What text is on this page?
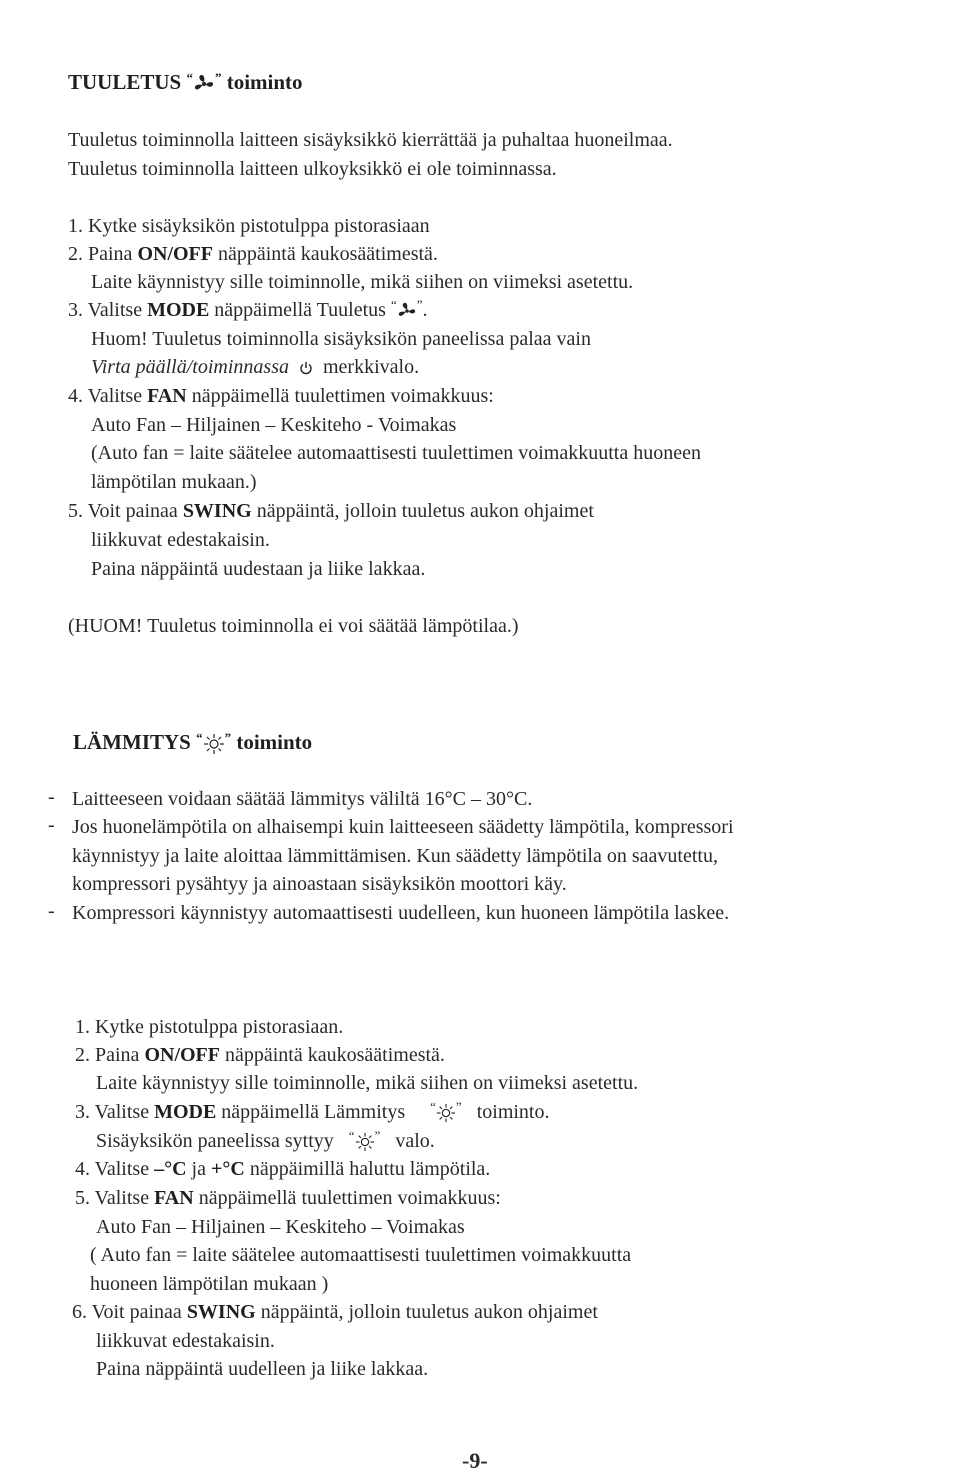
TUULETUS “ ” toiminto
Tuuletus toiminnolla laitteen sisäyksikkö kierrättää ja puhaltaa huoneilmaa.
Tuuletus toiminnolla laitteen ulkoyksikkö ei ole toiminnassa.
1. Kytke sisäyksikön pistotulppa pistorasiaan
2. Paina ON/OFF näppäintä kaukosäätimestä.
Laite käynnistyy sille toiminnolle, mikä siihen on viimeksi asetettu.
3. Valitse MODE näppäimellä Tuuletus “ ”.
Huom! Tuuletus toiminnolla sisäyksikön paneelissa palaa vain
Virta päällä/toiminnassa merkkivalo.
4. Valitse FAN näppäimellä tuulettimen voimakkuus:
Auto Fan – Hiljainen – Keskiteho - Voimakas
(Auto fan = laite säätelee automaattisesti tuulettimen voimakkuutta huoneen
lämpötilan mukaan.)
5. Voit painaa SWING näppäintä, jolloin tuuletus aukon ohjaimet
liikkuvat edestakaisin.
Paina näppäintä uudestaan ja liike lakkaa.
(HUOM! Tuuletus toiminnolla ei voi säätää lämpötilaa.)
LÄMMITYS “ ” toiminto
- Laitteeseen voidaan säätää lämmitys väliltä 16°C – 30°C.
- Jos huonelämpötila on alhaisempi kuin laitteeseen säädetty lämpötila, kompressori
käynnistyy ja laite aloittaa lämmittämisen. Kun säädetty lämpötila on saavutettu,
kompressori pysähtyy ja ainoastaan sisäyksikön moottori käy.
- Kompressori käynnistyy automaattisesti uudelleen, kun huoneen lämpötila laskee.
1. Kytke pistotulppa pistorasiaan.
2. Paina ON/OFF näppäintä kaukosäätimestä.
Laite käynnistyy sille toiminnolle, mikä siihen on viimeksi asetettu.
3. Valitse MODE näppäimellä Lämmitys “ ” toiminto.
Sisäyksikön paneelissa syttyy “ ” valo.
4. Valitse –°C ja +°C näppäimillä haluttu lämpötila.
5. Valitse FAN näppäimellä tuulettimen voimakkuus:
Auto Fan – Hiljainen – Keskiteho – Voimakas
( Auto fan = laite säätelee automaattisesti tuulettimen voimakkuutta
huoneen lämpötilan mukaan )
6. Voit painaa SWING näppäintä, jolloin tuuletus aukon ohjaimet
liikkuvat edestakaisin.
Paina näppäintä uudelleen ja liike lakkaa.
-9-
